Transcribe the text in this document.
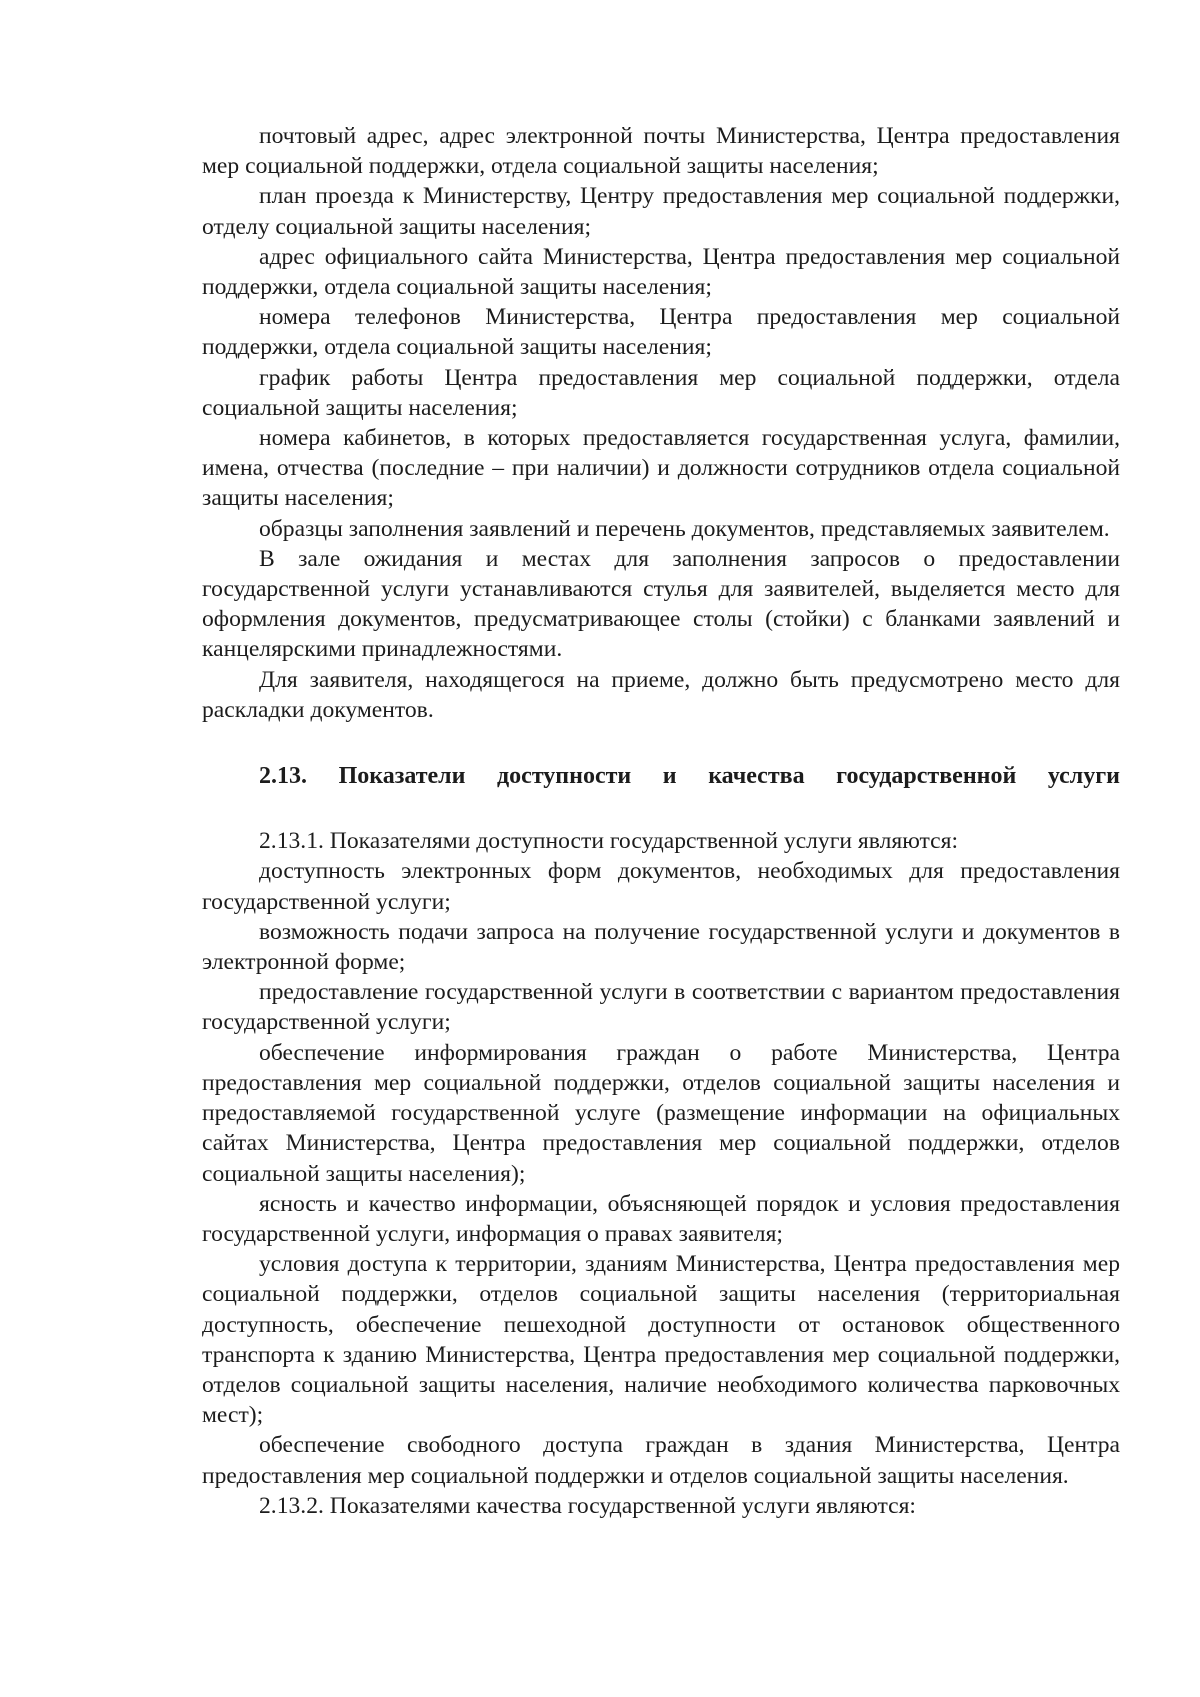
почтовый адрес, адрес электронной почты Министерства, Центра предоставления мер социальной поддержки, отдела социальной защиты населения;

план проезда к Министерству, Центру предоставления мер социальной поддержки, отделу социальной защиты населения;

адрес официального сайта Министерства, Центра предоставления мер социальной поддержки, отдела социальной защиты населения;

номера телефонов Министерства, Центра предоставления мер социальной поддержки, отдела социальной защиты населения;

график работы Центра предоставления мер социальной поддержки, отдела социальной защиты населения;

номера кабинетов, в которых предоставляется государственная услуга, фамилии, имена, отчества (последние – при наличии) и должности сотрудников отдела социальной защиты населения;

образцы заполнения заявлений и перечень документов, представляемых заявителем.

В зале ожидания и местах для заполнения запросов о предоставлении государственной услуги устанавливаются стулья для заявителей, выделяется место для оформления документов, предусматривающее столы (стойки) с бланками заявлений и канцелярскими принадлежностями.

Для заявителя, находящегося на приеме, должно быть предусмотрено место для раскладки документов.

2.13. Показатели доступности и качества государственной услуги

2.13.1. Показателями доступности государственной услуги являются:

доступность электронных форм документов, необходимых для предоставления государственной услуги;

возможность подачи запроса на получение государственной услуги и документов в электронной форме;

предоставление государственной услуги в соответствии с вариантом предоставления государственной услуги;

обеспечение информирования граждан о работе Министерства, Центра предоставления мер социальной поддержки, отделов социальной защиты населения и предоставляемой государственной услуге (размещение информации на официальных сайтах Министерства, Центра предоставления мер социальной поддержки, отделов социальной защиты населения);

ясность и качество информации, объясняющей порядок и условия предоставления государственной услуги, информация о правах заявителя;

условия доступа к территории, зданиям Министерства, Центра предоставления мер социальной поддержки, отделов социальной защиты населения (территориальная доступность, обеспечение пешеходной доступности от остановок общественного транспорта к зданию Министерства, Центра предоставления мер социальной поддержки, отделов социальной защиты населения, наличие необходимого количества парковочных мест);

обеспечение свободного доступа граждан в здания Министерства, Центра предоставления мер социальной поддержки и отделов социальной защиты населения.

2.13.2. Показателями качества государственной услуги являются:
